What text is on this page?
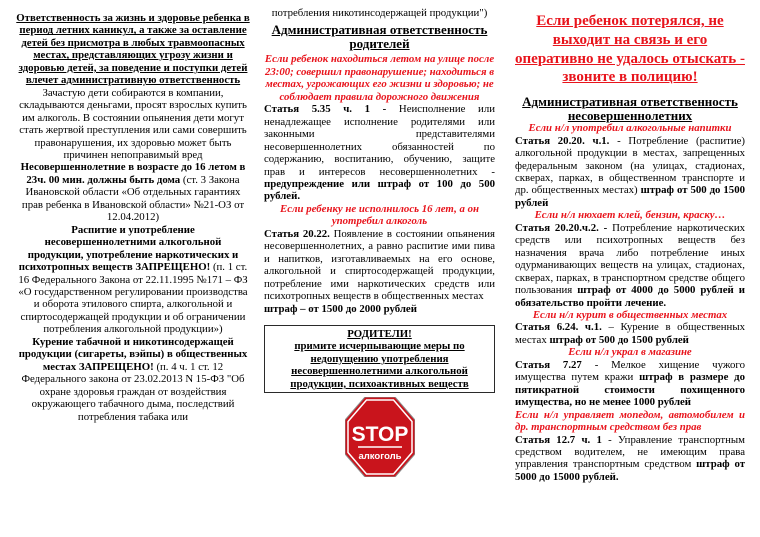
Ответственность за жизнь и здоровье ребенка в период летних каникул, а также за оставление детей без присмотра в любых травмоопасных местах, представляющих угрозу жизни и здоровью детей, за поведение и поступки детей влечет административную ответственность

Зачастую дети собираются в компании, складываются деньгами, просят взрослых купить им алкоголь. В состоянии опьянения дети могут стать жертвой преступления или сами совершить правонарушения, их здоровью может быть причинен непоправимый вред

Несовершеннолетние в возрасте до 16 летом в 23ч. 00 мин. должны быть дома (ст. 3 Закона Ивановской области «Об отдельных гарантиях прав ребенка в Ивановской области» №21-ОЗ от 12.04.2012)

Распитие и употребление несовершеннолетними алкогольной продукции, употребление наркотических и психотропных веществ ЗАПРЕЩЕНО! (п. 1 ст. 16 Федерального Закона от 22.11.1995 №171 – ФЗ «О государственном регулировании производства и оборота этилового спирта, алкогольной и спиртосодержащей продукции и об ограничении потребления алкогольной продукции»)

Курение табачной и никотинсодержащей продукции (сигареты, вэйпы) в общественных местах ЗАПРЕЩЕНО! (п. 4 ч. 1 ст. 12 Федерального закона от 23.02.2013 N 15-ФЗ "Об охране здоровья граждан от воздействия окружающего табачного дыма, последствий потребления табака или

потребления никотинсодержащей продукции")

Административная ответственность родителей

Если ребенок находиться летом на улице после 23:00; совершил правонарушение; находиться в местах, угрожающих его жизни и здоровью; не соблюдает правила дорожного движения

Статья 5.35 ч. 1 - Неисполнение или ненадлежащее исполнение родителями или законными представителями несовершеннолетних обязанностей по содержанию, воспитанию, обучению, защите прав и интересов несовершеннолетних - предупреждение или штраф от 100 до 500 рублей.

Если ребенку не исполнилось 16 лет, а он употребил алкоголь

Статья 20.22. Появление в состоянии опьянения несовершеннолетних, а равно распитие ими пива и напитков, изготавливаемых на его основе, алкогольной и спиртосодержащей продукции, потребление ими наркотических средств или психотропных веществ в общественных местах
штраф – от 1500 до 2000 рублей

РОДИТЕЛИ!
примите исчерпывающие меры по недопущению употребления несовершеннолетними алкогольной продукции, психоактивных веществ
STOP
алкоголь

Если ребенок потерялся, не выходит на связь и его оперативно не удалось отыскать - звоните в полицию!

Административная ответственность несовершеннолетних

Если н/л употребил алкогольные напитки

Статья 20.20. ч.1. - Потребление (распитие) алкогольной продукции в местах, запрещенных федеральным законом (на улицах, стадионах, скверах, парках, в общественном транспорте и др. общественных местах) штраф от 500 до 1500 рублей

Если н/л нюхает клей, бензин, краску…

Статья 20.20.ч.2. - Потребление наркотических средств или психотропных веществ без назначения врача либо потребление иных одурманивающих веществ на улицах, стадионах, скверах, парках, в транспортном средстве общего пользования штраф от 4000 до 5000 рублей и обязательство пройти лечение.

Если н/л курит в общественных местах

Статья 6.24. ч.1. – Курение в общественных местах штраф от 500 до 1500 рублей

Если н/л украл в магазине

Статья 7.27 - Мелкое хищение чужого имущества путем кражи штраф в размере до пятикратной стоимости похищенного имущества, но не менее 1000 рублей

Если н/л управляет мопедом, автомобилем и др. транспортным средством без прав

Статья 12.7 ч. 1 - Управление транспортным средством водителем, не имеющим права управления транспортным средством штраф от 5000 до 15000 рублей.
